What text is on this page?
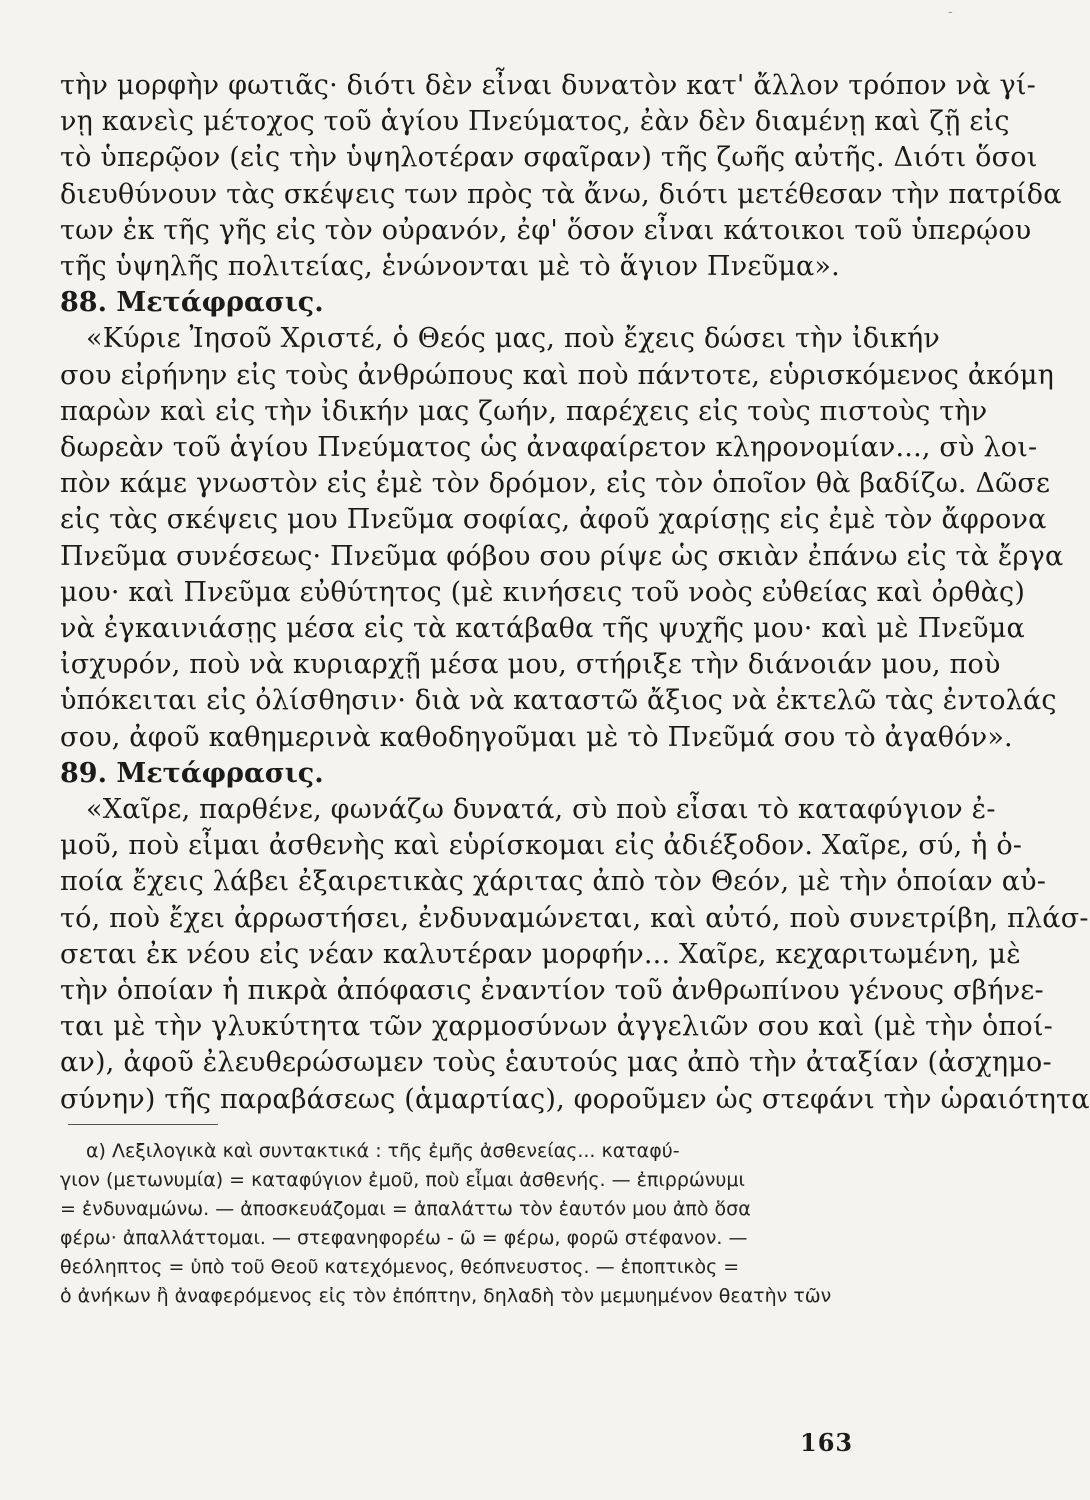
-
τὴν μορφὴν φωτιᾶς· διότι δὲν εἶναι δυνατὸν κατ' ἄλλον τρόπον νὰ γί-
νῃ κανεὶς μέτοχος τοῦ ἁγίου Πνεύματος, ἐὰν δὲν διαμένῃ καὶ ζῇ εἰς
τὸ ὑπερῷον (εἰς τὴν ὑψηλοτέραν σφαῖραν) τῆς ζωῆς αὐτῆς. Διότι ὅσοι
διευθύνουν τὰς σκέψεις των πρὸς τὰ ἄνω, διότι μετέθεσαν τὴν πατρίδα
των ἐκ τῆς γῆς εἰς τὸν οὐρανόν, ἐφ' ὅσον εἶναι κάτοικοι τοῦ ὑπερῴου
τῆς ὑψηλῆς πολιτείας, ἑνώνονται μὲ τὸ ἅγιον Πνεῦμα».
88. Μετάφρασις.
«Κύριε Ἰησοῦ Χριστέ, ὁ Θεός μας, ποὺ ἔχεις δώσει τὴν ἰδικήν
σου εἰρήνην εἰς τοὺς ἀνθρώπους καὶ ποὺ πάντοτε, εὑρισκόμενος ἀκόμη
παρὼν καὶ εἰς τὴν ἰδικήν μας ζωήν, παρέχεις εἰς τοὺς πιστοὺς τὴν
δωρεὰν τοῦ ἁγίου Πνεύματος ὡς ἀναφαίρετον κληρονομίαν..., σὺ λοι-
πὸν κάμε γνωστὸν εἰς ἐμὲ τὸν δρόμον, εἰς τὸν ὁποῖον θὰ βαδίζω. Δῶσε
εἰς τὰς σκέψεις μου Πνεῦμα σοφίας, ἀφοῦ χαρίσῃς εἰς ἐμὲ τὸν ἄφρονα
Πνεῦμα συνέσεως· Πνεῦμα φόβου σου ρίψε ὡς σκιὰν ἐπάνω εἰς τὰ ἔργα
μου· καὶ Πνεῦμα εὐθύτητος (μὲ κινήσεις τοῦ νοὸς εὐθείας καὶ ὀρθὰς)
νὰ ἐγκαινιάσῃς μέσα εἰς τὰ κατάβαθα τῆς ψυχῆς μου· καὶ μὲ Πνεῦμα
ἰσχυρόν, ποὺ νὰ κυριαρχῇ μέσα μου, στήριξε τὴν διάνοιάν μου, ποὺ
ὑπόκειται εἰς ὀλίσθησιν· διὰ νὰ καταστῶ ἄξιος νὰ ἐκτελῶ τὰς ἐντολάς
σου, ἀφοῦ καθημερινὰ καθοδηγοῦμαι μὲ τὸ Πνεῦμά σου τὸ ἀγαθόν».
89. Μετάφρασις.
«Χαῖρε, παρθένε, φωνάζω δυνατά, σὺ ποὺ εἶσαι τὸ καταφύγιον ἐ-
μοῦ, ποὺ εἶμαι ἀσθενὴς καὶ εὑρίσκομαι εἰς ἀδιέξοδον. Χαῖρε, σύ, ἡ ὁ-
ποία ἔχεις λάβει ἐξαιρετικὰς χάριτας ἀπὸ τὸν Θεόν, μὲ τὴν ὁποίαν αὐ-
τό, ποὺ ἔχει ἀρρωστήσει, ἐνδυναμώνεται, καὶ αὐτό, ποὺ συνετρίβη, πλάσ-
σεται ἐκ νέου εἰς νέαν καλυτέραν μορφήν... Χαῖρε, κεχαριτωμένη, μὲ
τὴν ὁποίαν ἡ πικρὰ ἀπόφασις ἐναντίον τοῦ ἀνθρωπίνου γένους σβήνε-
ται μὲ τὴν γλυκύτητα τῶν χαρμοσύνων ἀγγελιῶν σου καὶ (μὲ τὴν ὁποί-
αν), ἀφοῦ ἐλευθερώσωμεν τοὺς ἑαυτούς μας ἀπὸ τὴν ἀταξίαν (ἀσχημο-
σύνην) τῆς παραβάσεως (ἁμαρτίας), φοροῦμεν ὡς στεφάνι τὴν ὡραιότητα
α) Λεξιλογικὰ καὶ συντακτικά : τῆς ἐμῆς ἀσθενείας... καταφύ-
γιον (μετωνυμία) = καταφύγιον ἐμοῦ, ποὺ εἶμαι ἀσθενής. — ἐπιρρώνυμι
= ἐνδυναμώνω. — ἀποσκευάζομαι = ἀπαλάττω τὸν ἑαυτόν μου ἀπὸ ὅσα
φέρω· ἀπαλλάττομαι. — στεφανηφορέω - ῶ = φέρω, φορῶ στέφανον. —
θεόληπτος = ὑπὸ τοῦ Θεοῦ κατεχόμενος, θεόπνευστος. — ἐποπτικὸς =
ὁ ἀνήκων ἢ ἀναφερόμενος εἰς τὸν ἐπόπτην, δηλαδὴ τὸν μεμυημένον θεατὴν τῶν
163
